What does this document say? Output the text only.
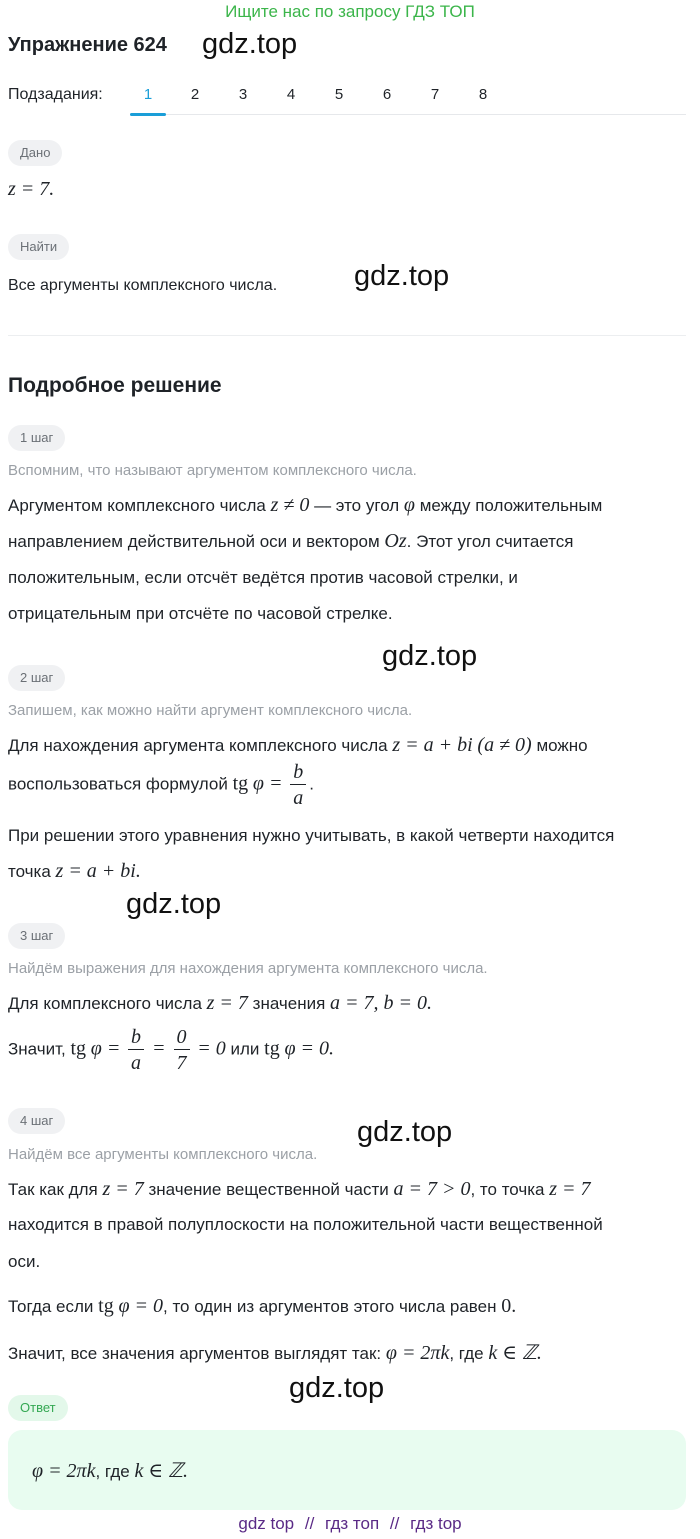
Ищите нас по запросу ГДЗ ТОП
Упражнение 624 gdz.top
Подзадания:	1	2	3	4	5	6	7	8
Дано
z = 7.
Найти
Все аргументы комплексного числа.	gdz.top
Подробное решение
1 шаг
Вспомним, что называют аргументом комплексного числа.
Аргументом комплексного числа z ≠ 0 — это угол φ между положительным
направлением действительной оси и вектором Oz. Этот угол считается
положительным, если отсчёт ведётся против часовой стрелки, и
отрицательным при отсчёте по часовой стрелке.
gdz.top
2 шаг
Запишем, как можно найти аргумент комплексного числа.
Для нахождения аргумента комплексного числа z = a + bi (a ≠ 0) можно
воспользоваться формулой tg $\varphi = \frac{b}{a}$ .
При решении этого уравнения нужно учитывать, в какой четверти находится
точка z = a + bi.
gdz.top
3 шаг
Найдём выражения для нахождения аргумента комплексного числа.
Для комплексного числа z = 7 значения a = 7, b = 0.
Значит, tg $\varphi = \frac{b}{a} = \frac{0}{7} = 0$ или tg φ = 0.
4 шаг	gdz.top
Найдём все аргументы комплексного числа.
Так как для z = 7 значение вещественной части a = 7 > 0, то точка z = 7
находится в правой полуплоскости на положительной части вещественной
оси.
Тогда если tg φ = 0, то один из аргументов этого числа равен 0.
Значит, все значения аргументов выглядят так: φ = 2πk, где k ∈ ℤ.
gdz.top
Ответ
φ = 2πk, где k ∈ ℤ.
gdz top // гдз топ // гдз top
